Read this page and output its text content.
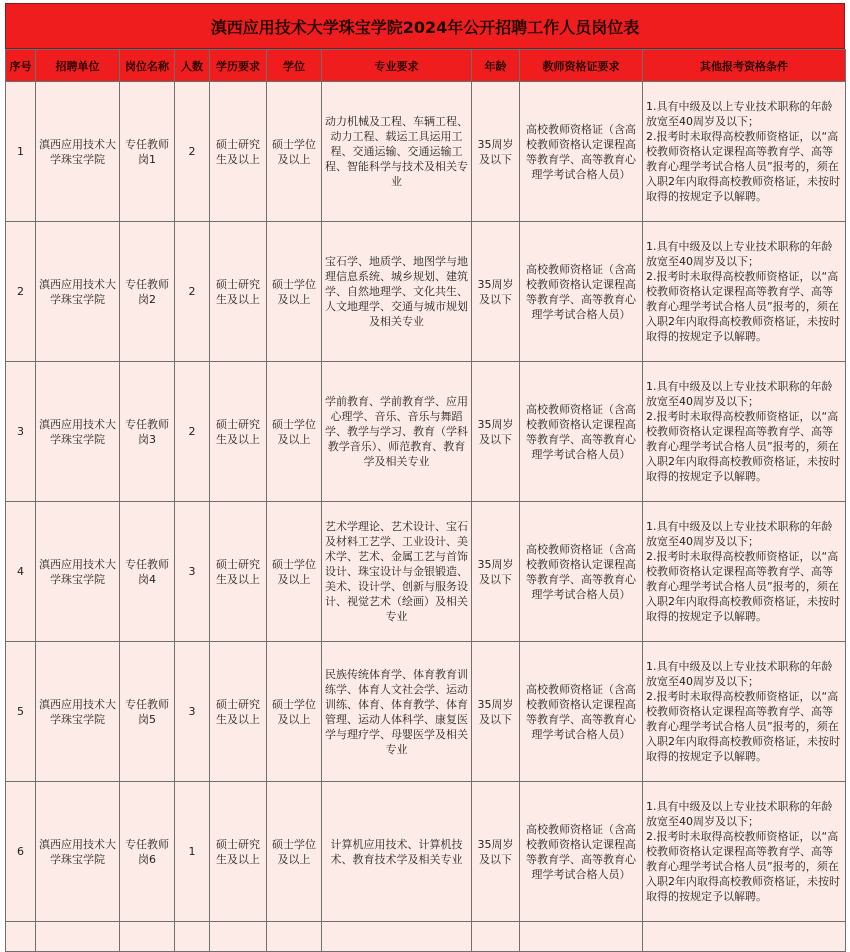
滇西应用技术大学珠宝学院2024年公开招聘工作人员岗位表
序号	招聘单位	岗位名称	人数	学历要求	学位	专业要求	年龄	教师资格证要求	其他报考资格条件
1	滇西应用技术大学珠宝学院	专任教师岗1	2	硕士研究生及以上	硕士学位及以上	动力机械及工程、车辆工程、动力工程、载运工具运用工程、交通运输、交通运输工程、智能科学与技术及相关专业	35周岁及以下	高校教师资格证（含高校教师资格认定课程高等教育学、高等教育心理学考试合格人员）	1.具有中级及以上专业技术职称的年龄放宽至40周岁及以下；
2.报考时未取得高校教师资格证，以“高校教师资格认定课程高等教育学、高等教育心理学考试合格人员”报考的，须在入职2年内取得高校教师资格证，未按时取得的按规定予以解聘。
2	滇西应用技术大学珠宝学院	专任教师岗2	2	硕士研究生及以上	硕士学位及以上	宝石学、地质学、地图学与地理信息系统、城乡规划、建筑学、自然地理学、文化共生、人文地理学、交通与城市规划及相关专业	35周岁及以下	高校教师资格证（含高校教师资格认定课程高等教育学、高等教育心理学考试合格人员）	1.具有中级及以上专业技术职称的年龄放宽至40周岁及以下；
2.报考时未取得高校教师资格证，以“高校教师资格认定课程高等教育学、高等教育心理学考试合格人员”报考的，须在入职2年内取得高校教师资格证，未按时取得的按规定予以解聘。
3	滇西应用技术大学珠宝学院	专任教师岗3	2	硕士研究生及以上	硕士学位及以上	学前教育、学前教育学、应用心理学、音乐、音乐与舞蹈学、教学与学习、教育（学科教学音乐）、师范教育、教育学及相关专业	35周岁及以下	高校教师资格证（含高校教师资格认定课程高等教育学、高等教育心理学考试合格人员）	1.具有中级及以上专业技术职称的年龄放宽至40周岁及以下；
2.报考时未取得高校教师资格证，以“高校教师资格认定课程高等教育学、高等教育心理学考试合格人员”报考的，须在入职2年内取得高校教师资格证，未按时取得的按规定予以解聘。
4	滇西应用技术大学珠宝学院	专任教师岗4	3	硕士研究生及以上	硕士学位及以上	艺术学理论、艺术设计、宝石及材料工艺学、工业设计、美术学、艺术、金属工艺与首饰设计、珠宝设计与金银锻造、美术、设计学、创新与服务设计、视觉艺术（绘画）及相关专业	35周岁及以下	高校教师资格证（含高校教师资格认定课程高等教育学、高等教育心理学考试合格人员）	1.具有中级及以上专业技术职称的年龄放宽至40周岁及以下；
2.报考时未取得高校教师资格证，以“高校教师资格认定课程高等教育学、高等教育心理学考试合格人员”报考的，须在入职2年内取得高校教师资格证，未按时取得的按规定予以解聘。
5	滇西应用技术大学珠宝学院	专任教师岗5	3	硕士研究生及以上	硕士学位及以上	民族传统体育学、体育教育训练学、体育人文社会学、运动训练、体育、体育教学、体育管理、运动人体科学、康复医学与理疗学、母婴医学及相关专业	35周岁及以下	高校教师资格证（含高校教师资格认定课程高等教育学、高等教育心理学考试合格人员）	1.具有中级及以上专业技术职称的年龄放宽至40周岁及以下；
2.报考时未取得高校教师资格证，以“高校教师资格认定课程高等教育学、高等教育心理学考试合格人员”报考的，须在入职2年内取得高校教师资格证，未按时取得的按规定予以解聘。
6	滇西应用技术大学珠宝学院	专任教师岗6	1	硕士研究生及以上	硕士学位及以上	计算机应用技术、计算机技术、教育技术学及相关专业	35周岁及以下	高校教师资格证（含高校教师资格认定课程高等教育学、高等教育心理学考试合格人员）	1.具有中级及以上专业技术职称的年龄放宽至40周岁及以下；
2.报考时未取得高校教师资格证，以“高校教师资格认定课程高等教育学、高等教育心理学考试合格人员”报考的，须在入职2年内取得高校教师资格证，未按时取得的按规定予以解聘。
